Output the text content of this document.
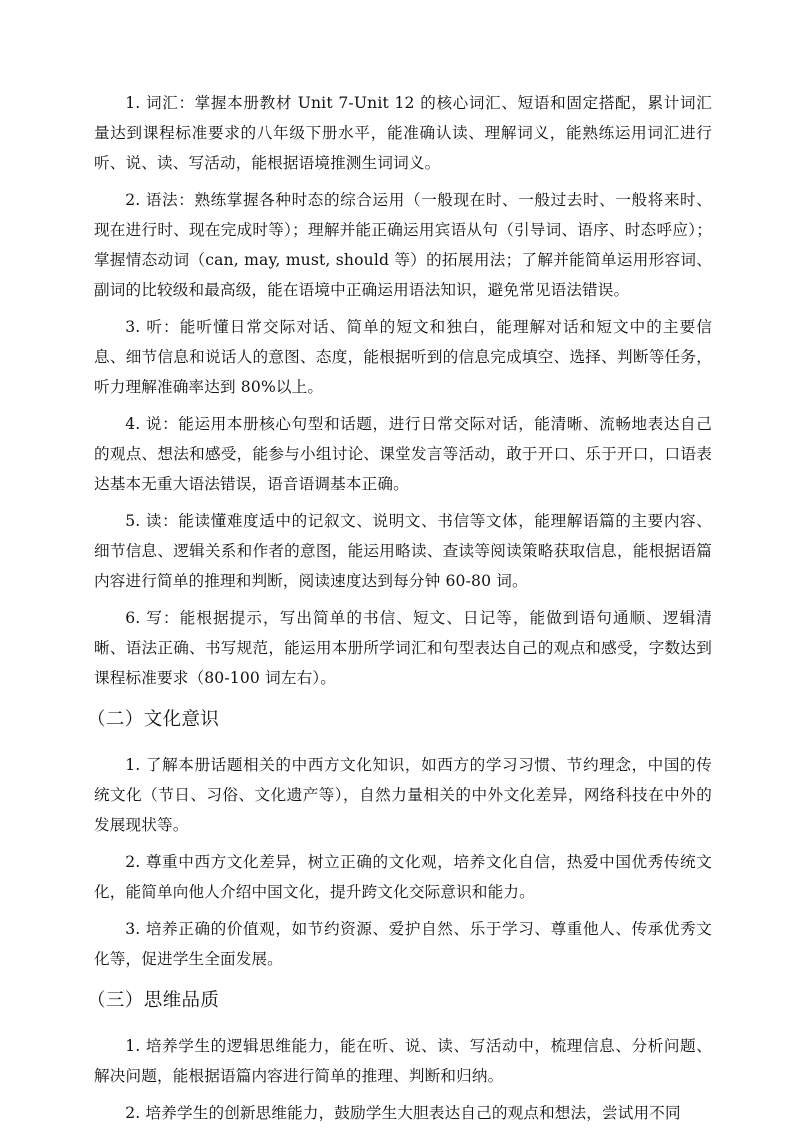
1. 词汇：掌握本册教材 Unit 7-Unit 12 的核心词汇、短语和固定搭配，累计词汇量达到课程标准要求的八年级下册水平，能准确认读、理解词义，能熟练运用词汇进行听、说、读、写活动，能根据语境推测生词词义。

2. 语法：熟练掌握各种时态的综合运用（一般现在时、一般过去时、一般将来时、现在进行时、现在完成时等）；理解并能正确运用宾语从句（引导词、语序、时态呼应）；掌握情态动词（can, may, must, should 等）的拓展用法；了解并能简单运用形容词、副词的比较级和最高级，能在语境中正确运用语法知识，避免常见语法错误。

3. 听：能听懂日常交际对话、简单的短文和独白，能理解对话和短文中的主要信息、细节信息和说话人的意图、态度，能根据听到的信息完成填空、选择、判断等任务，听力理解准确率达到 80%以上。

4. 说：能运用本册核心句型和话题，进行日常交际对话，能清晰、流畅地表达自己的观点、想法和感受，能参与小组讨论、课堂发言等活动，敢于开口、乐于开口，口语表达基本无重大语法错误，语音语调基本正确。

5. 读：能读懂难度适中的记叙文、说明文、书信等文体，能理解语篇的主要内容、细节信息、逻辑关系和作者的意图，能运用略读、查读等阅读策略获取信息，能根据语篇内容进行简单的推理和判断，阅读速度达到每分钟 60-80 词。

6. 写：能根据提示，写出简单的书信、短文、日记等，能做到语句通顺、逻辑清晰、语法正确、书写规范，能运用本册所学词汇和句型表达自己的观点和感受，字数达到课程标准要求（80-100 词左右）。

（二）文化意识

1. 了解本册话题相关的中西方文化知识，如西方的学习习惯、节约理念，中国的传统文化（节日、习俗、文化遗产等），自然力量相关的中外文化差异，网络科技在中外的发展现状等。

2. 尊重中西方文化差异，树立正确的文化观，培养文化自信，热爱中国优秀传统文化，能简单向他人介绍中国文化，提升跨文化交际意识和能力。

3. 培养正确的价值观，如节约资源、爱护自然、乐于学习、尊重他人、传承优秀文化等，促进学生全面发展。

（三）思维品质

1. 培养学生的逻辑思维能力，能在听、说、读、写活动中，梳理信息、分析问题、解决问题，能根据语篇内容进行简单的推理、判断和归纳。

2. 培养学生的创新思维能力，鼓励学生大胆表达自己的观点和想法，尝试用不同
